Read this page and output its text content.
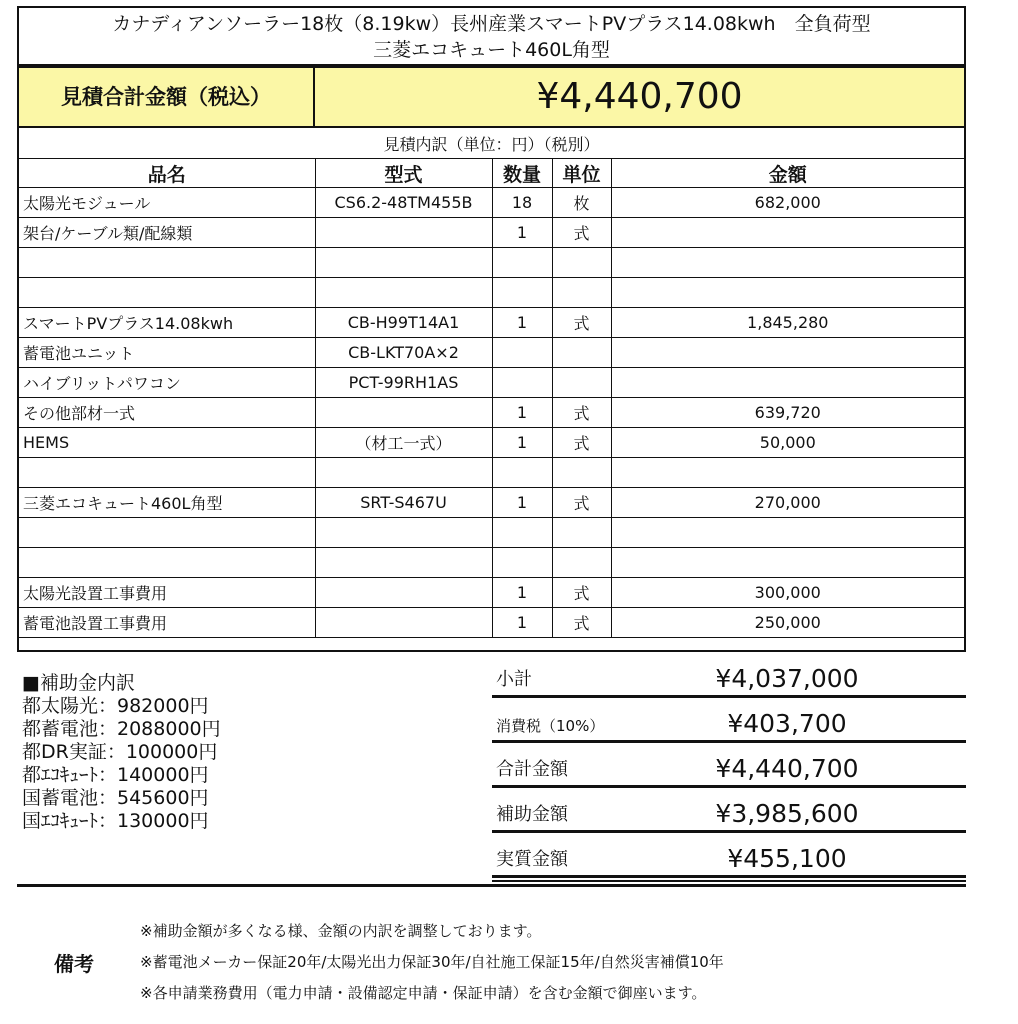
カナディアンソーラー18枚（8.19kw）長州産業スマートPVプラス14.08kwh　全負荷型
三菱エコキュート460L角型
見積合計金額（税込）	¥4,440,700
見積内訳（単位：円）（税別）				
品名	型式	数量	単位	金額
太陽光モジュール	CS6.2-48TM455B	18	枚	682,000
架台/ケーブル類/配線類		1	式	

スマートPVプラス14.08kwh	CB-H99T14A1	1	式	1,845,280
蓄電池ユニット	CB-LKT70A×2			
ハイブリットパワコン	PCT-99RH1AS			
その他部材一式		1	式	639,720
HEMS	（材工一式）	1	式	50,000

三菱エコキュート460L角型	SRT-S467U	1	式	270,000

太陽光設置工事費用		1	式	300,000
蓄電池設置工事費用		1	式	250,000
■補助金内訳
都太陽光：982000円
都蓄電池：2088000円
都DR実証：100000円
都ｴｺｷｭｰﾄ：140000円
国蓄電池：545600円
国ｴｺｷｭｰﾄ：130000円
小計	¥4,037,000
消費税（10%）	¥403,700
合計金額	¥4,440,700
補助金額	¥3,985,600
実質金額	¥455,100
備考
※補助金額が多くなる様、金額の内訳を調整しております。
※蓄電池メーカー保証20年/太陽光出力保証30年/自社施工保証15年/自然災害補償10年
※各申請業務費用（電力申請・設備認定申請・保証申請）を含む金額で御座います。
